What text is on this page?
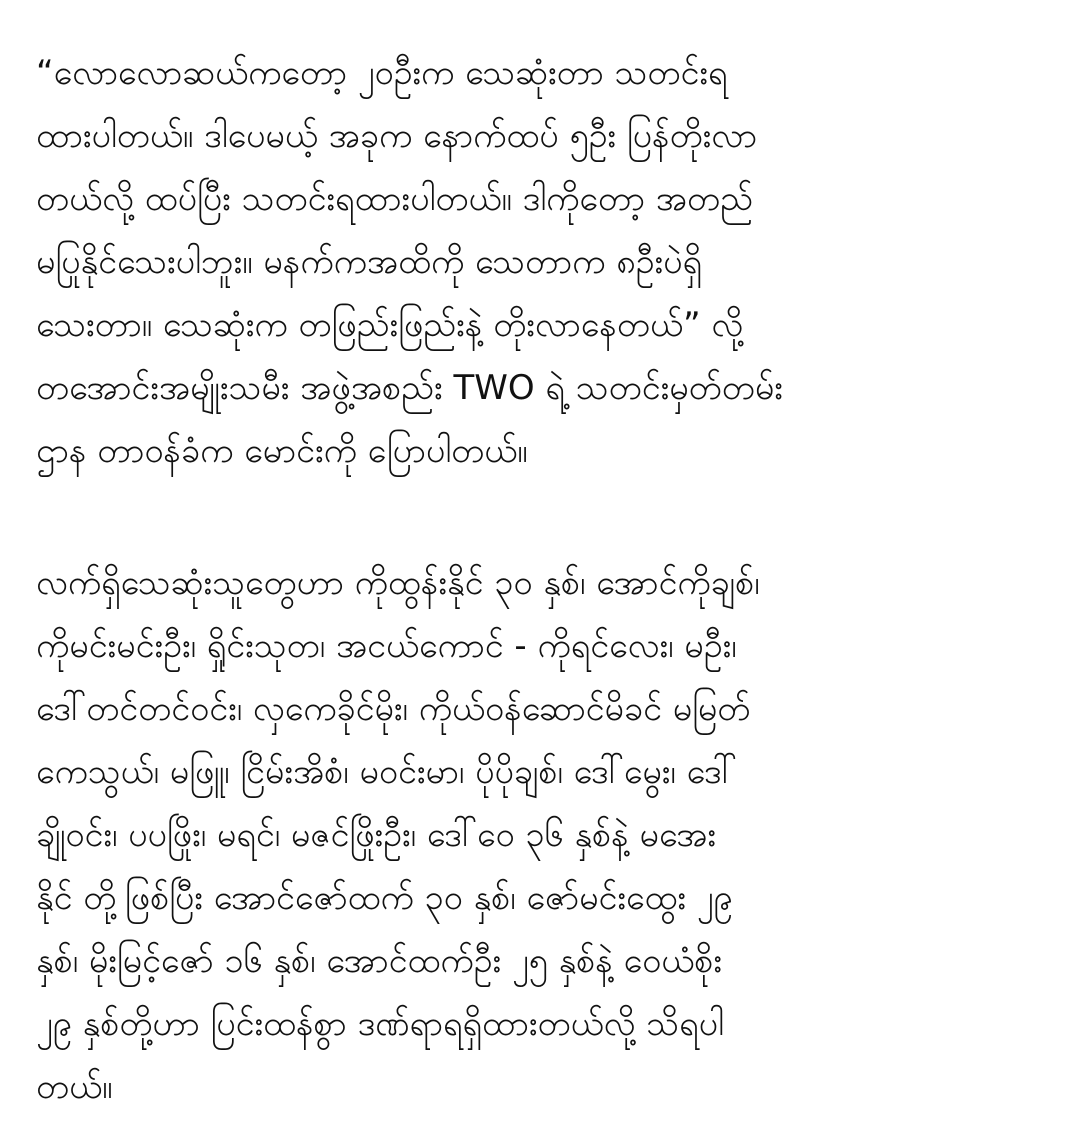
“လောလောဆယ်ကတော့ ၂၀ဦးက သေဆုံးတာ သတင်းရ
ထားပါတယ်။ ဒါပေမယ့် အခုက နောက်ထပ် ၅ဦး ပြန်တိုးလာ
တယ်လို့ ထပ်ပြီး သတင်းရထားပါတယ်။ ဒါကိုတော့ အတည်
မပြုနိုင်သေးပါဘူး။ မနက်ကအထိကို သေတာက ၈ဦးပဲရှိ
သေးတာ။ သေဆုံးက တဖြည်းဖြည်းနဲ့ တိုးလာနေတယ်” လို့
တအောင်းအမျိုးသမီး အဖွဲ့အစည်း TWO ရဲ့ သတင်းမှတ်တမ်း
ဌာန တာဝန်ခံက မောင်းကို ပြောပါတယ်။
လက်ရှိသေဆုံးသူတွေဟာ ကိုထွန်းနိုင် ၃၀ နှစ်၊ အောင်ကိုချစ်၊
ကိုမင်းမင်းဦး၊ ရှိုင်းသုတ၊ အငယ်ကောင် - ကိုရင်လေး၊ မဦး၊
ဒေါ်တင်တင်ဝင်း၊ လှကေခိုင်မိုး၊ ကိုယ်ဝန်ဆောင်မိခင် မမြတ်
ကေသွယ်၊ မဖြူ၊ ငြိမ်းအိစံ၊ မဝင်းမာ၊ ပိုပိုချစ်၊ ဒေါ်မွေး၊ ဒေါ်
ချိုဝင်း၊ ပပဖြိုး၊ မရင်၊ မဇင်ဖြိုးဦး၊ ဒေါ်ဝေ ၃၆ နှစ်နဲ့ မအေး
နိုင် တို့ဖြစ်ပြီး အောင်ဇော်ထက် ၃၀ နှစ်၊ ဇော်မင်းထွေး ၂၉
နှစ်၊ မိုးမြင့်ဇော် ၁၆ နှစ်၊ အောင်ထက်ဦး ၂၅ နှစ်နဲ့ ဝေယံစိုး
၂၉ နှစ်တို့ဟာ ပြင်းထန်စွာ ဒဏ်ရာရရှိထားတယ်လို့ သိရပါ
တယ်။
